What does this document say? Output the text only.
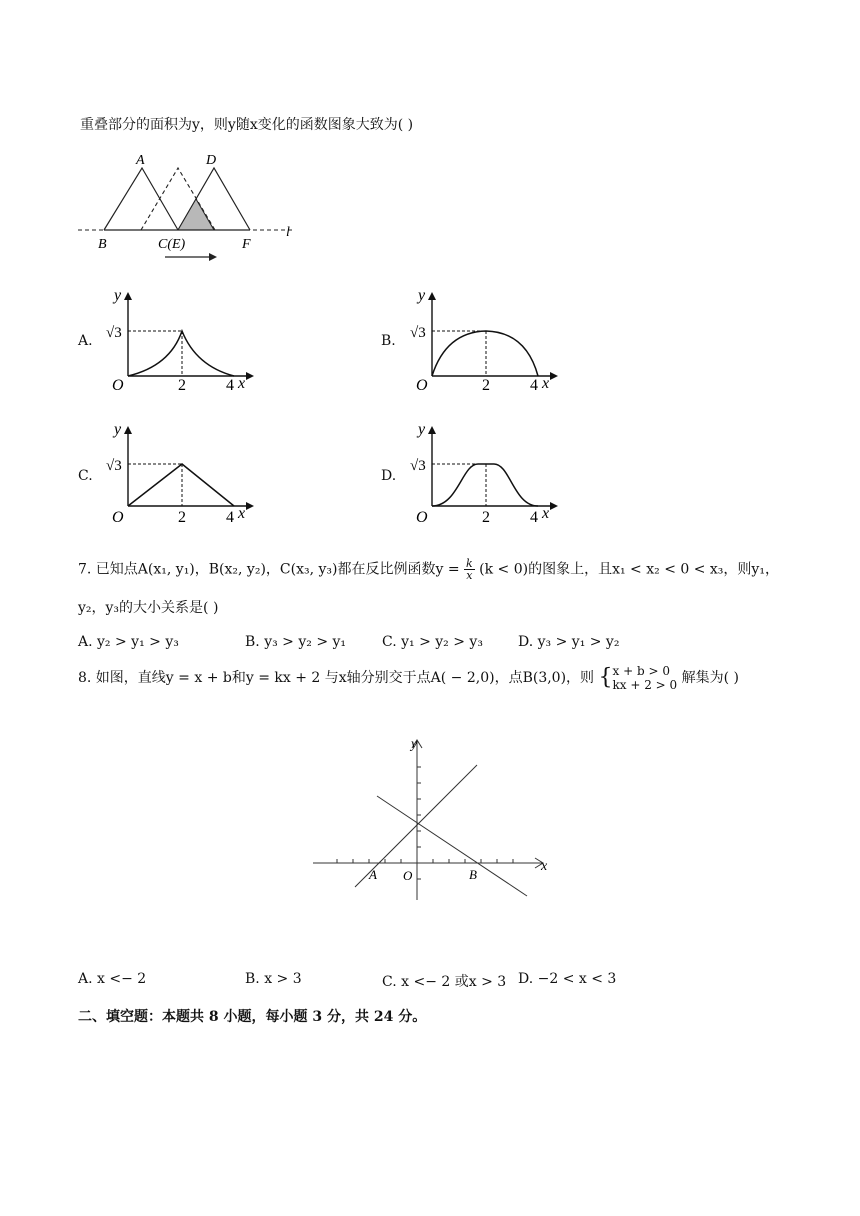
重叠部分的面积为y，则y随x变化的函数图象大致为( )
A	D
B	C(E)	F
l
A.
y
√3
O	2	4 x
B.
y
√3
O	2	4 x
C.
y
√3
O	2	4 x
D.
y
√3
O	2	4 x
7. 已知点A(x₁, y₁)，B(x₂, y₂)，C(x₃, y₃)都在反比例函数$y = \frac{k}{x} (k < 0)$的图象上，且x₁ < x₂ < 0 < x₃，则y₁，
y₂，y₃的大小关系是( )
A. y₂ > y₁ > y₃	B. y₃ > y₂ > y₁	C. y₁ > y₂ > y₃	D. y₃ > y₁ > y₂
8. 如图，直线y = x + b和y = kx + 2 与x轴分别交于点A( − 2,0)，点B(3,0)，则 { x + b > 0
kx + 2 > 0 解集为( )
y
x
A O	B
A. x <− 2	B. x > 3	C. x <− 2 或x > 3 D. −2 < x < 3
二、填空题：本题共 8 小题，每小题 3 分，共 24 分。
